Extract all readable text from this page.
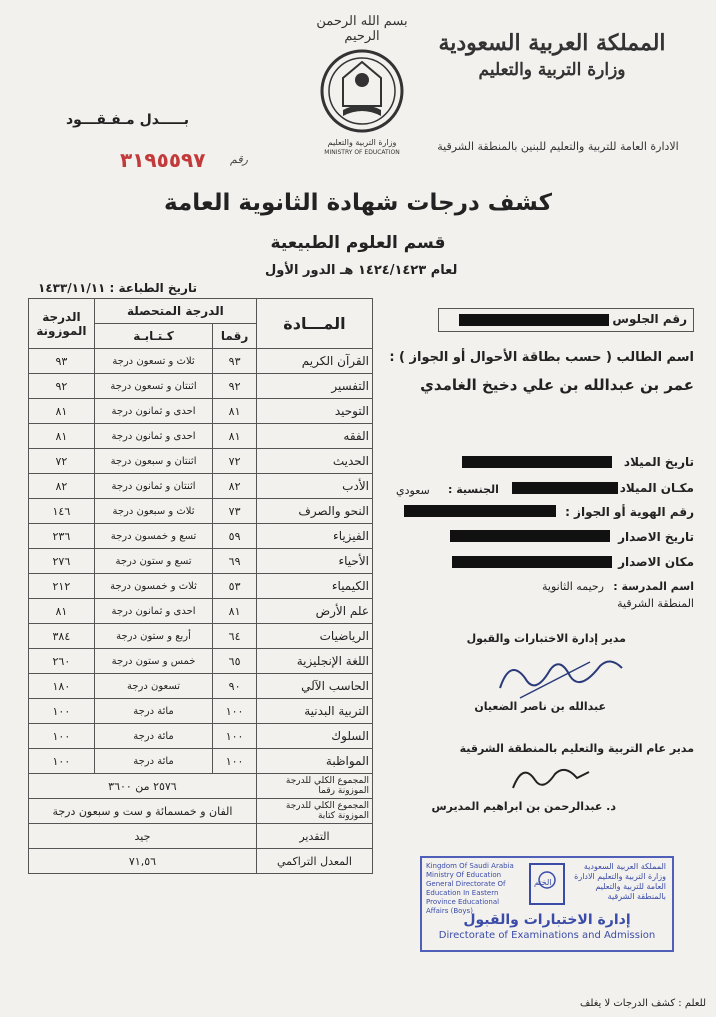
المملكة العربية السعودية
وزارة التربية والتعليم
الادارة العامة للتربية والتعليم للبنين بالمنطقة الشرقية
بسم الله الرحمن الرحيم
وزارة التربية والتعليم
MINISTRY OF EDUCATION
بـــــدل مـفـقـــود
٣١٩٥٥٩٧ رقم
كشف درجات شهادة الثانوية العامة
قسم العلوم الطبيعية
لعام ١٤٢٤/١٤٢٣ هـ الدور الأول
تاريخ الطباعة : ١٤٣٣/١١/١١
المـــادة	الدرجة المتحصلة		الدرجة الموزونة
	رقما	كـتـابـة	
القرآن الكريم	٩٣	ثلاث و تسعون درجة	٩٣
التفسير	٩٢	اثنتان و تسعون درجة	٩٢
التوحيد	٨١	احدى و ثمانون درجة	٨١
الفقه	٨١	احدى و ثمانون درجة	٨١
الحديث	٧٢	اثنتان و سبعون درجة	٧٢
الأدب	٨٢	اثنتان و ثمانون درجة	٨٢
النحو والصرف	٧٣	ثلاث و سبعون درجة	١٤٦
الفيزياء	٥٩	تسع و خمسون درجة	٢٣٦
الأحياء	٦٩	تسع و ستون درجة	٢٧٦
الكيمياء	٥٣	ثلاث و خمسون درجة	٢١٢
علم الأرض	٨١	احدى و ثمانون درجة	٨١
الرياضيات	٦٤	أربع و ستون درجة	٣٨٤
اللغة الإنجليزية	٦٥	خمس و ستون درجة	٢٦٠
الحاسب الآلي	٩٠	تسعون درجة	١٨٠
التربية البدنية	١٠٠	مائة درجة	١٠٠
السلوك	١٠٠	مائة درجة	١٠٠
المواظبة	١٠٠	مائة درجة	١٠٠
المجموع الكلي للدرجة الموزونة رقما	٢٥٧٦ من ٣٦٠٠		
المجموع الكلي للدرجة الموزونة كتابة	الفان و خمسمائة و ست و سبعون درجة		
التقدير	جيد		
المعدل التراكمي	٧١,٥٦		
رقم الجلوس
اسم الطالب ( حسب بطاقة الأحوال أو الجواز ) :
عمر بن عبدالله بن علي دخيخ الغامدي
تاريخ الميلاد
مكـان الميلاد
الجنسية :
سعودي
رقم الهوية أو الجواز :
تاريخ الاصدار
مكان الاصدار
اسم المدرسة :
رحيمه الثانوية
المنطقة الشرقية
مدير إدارة الاختبارات والقبول
عبدالله بن ناصر الضعيان
مدير عام التربية والتعليم بالمنطقة الشرقية
د. عبدالرحمن بن ابراهيم المديرس
Kingdom Of Saudi Arabia Ministry Of Education General Directorate Of Education In Eastern Province Educational Affairs (Boys)
الختم
المملكة العربية السعودية وزارة التربية والتعليم الادارة العامة للتربية والتعليم بالمنطقة الشرقية
إدارة الاختبارات والقبول
Directorate of Examinations and Admission
للعلم : كشف الدرجات لا يغلف
